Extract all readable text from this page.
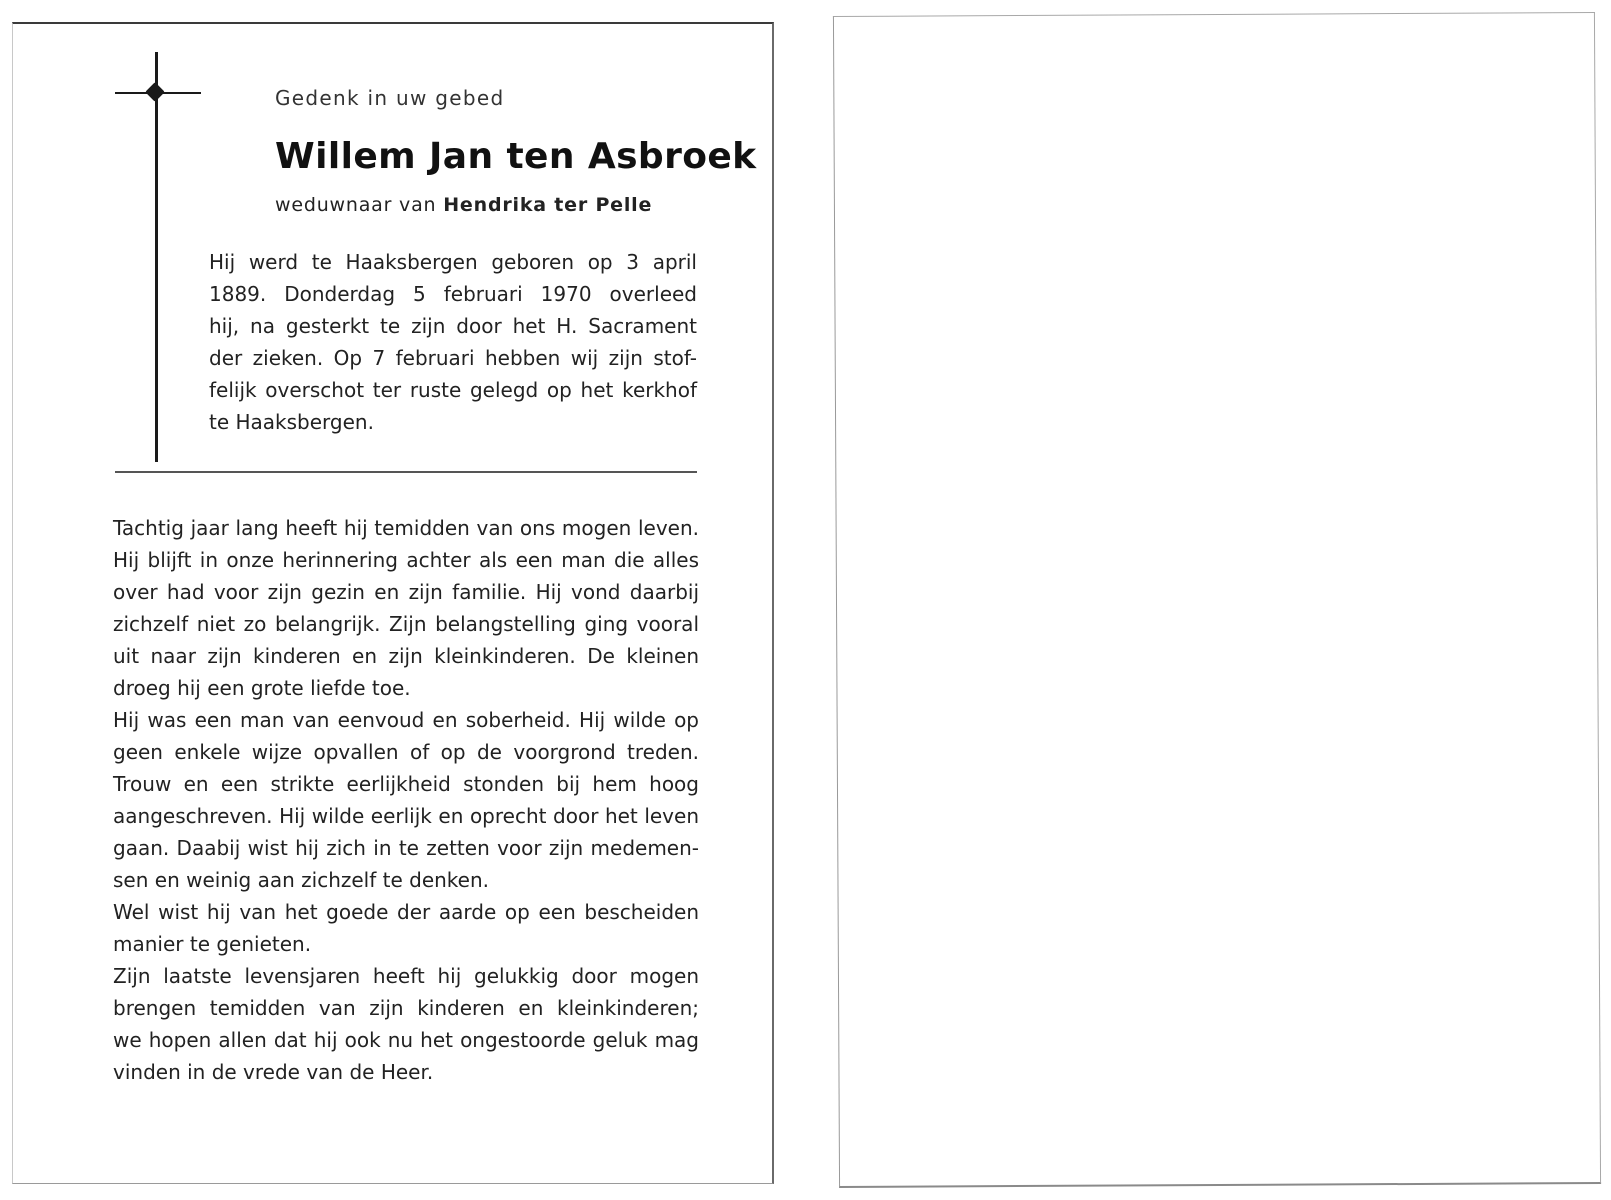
Gedenk in uw gebed
Willem Jan ten Asbroek
weduwnaar van Hendrika ter Pelle
Hij werd te Haaksbergen geboren op 3 april
1889. Donderdag 5 februari 1970 overleed
hij, na gesterkt te zijn door het H. Sacrament
der zieken. Op 7 februari hebben wij zijn stof-
felijk overschot ter ruste gelegd op het kerkhof
te Haaksbergen.
Tachtig jaar lang heeft hij temidden van ons mogen leven.
Hij blijft in onze herinnering achter als een man die alles
over had voor zijn gezin en zijn familie. Hij vond daarbij
zichzelf niet zo belangrijk. Zijn belangstelling ging vooral
uit naar zijn kinderen en zijn kleinkinderen. De kleinen
droeg hij een grote liefde toe.
Hij was een man van eenvoud en soberheid. Hij wilde op
geen enkele wijze opvallen of op de voorgrond treden.
Trouw en een strikte eerlijkheid stonden bij hem hoog
aangeschreven. Hij wilde eerlijk en oprecht door het leven
gaan. Daabij wist hij zich in te zetten voor zijn medemen-
sen en weinig aan zichzelf te denken.
Wel wist hij van het goede der aarde op een bescheiden
manier te genieten.
Zijn laatste levensjaren heeft hij gelukkig door mogen
brengen temidden van zijn kinderen en kleinkinderen;
we hopen allen dat hij ook nu het ongestoorde geluk mag
vinden in de vrede van de Heer.
